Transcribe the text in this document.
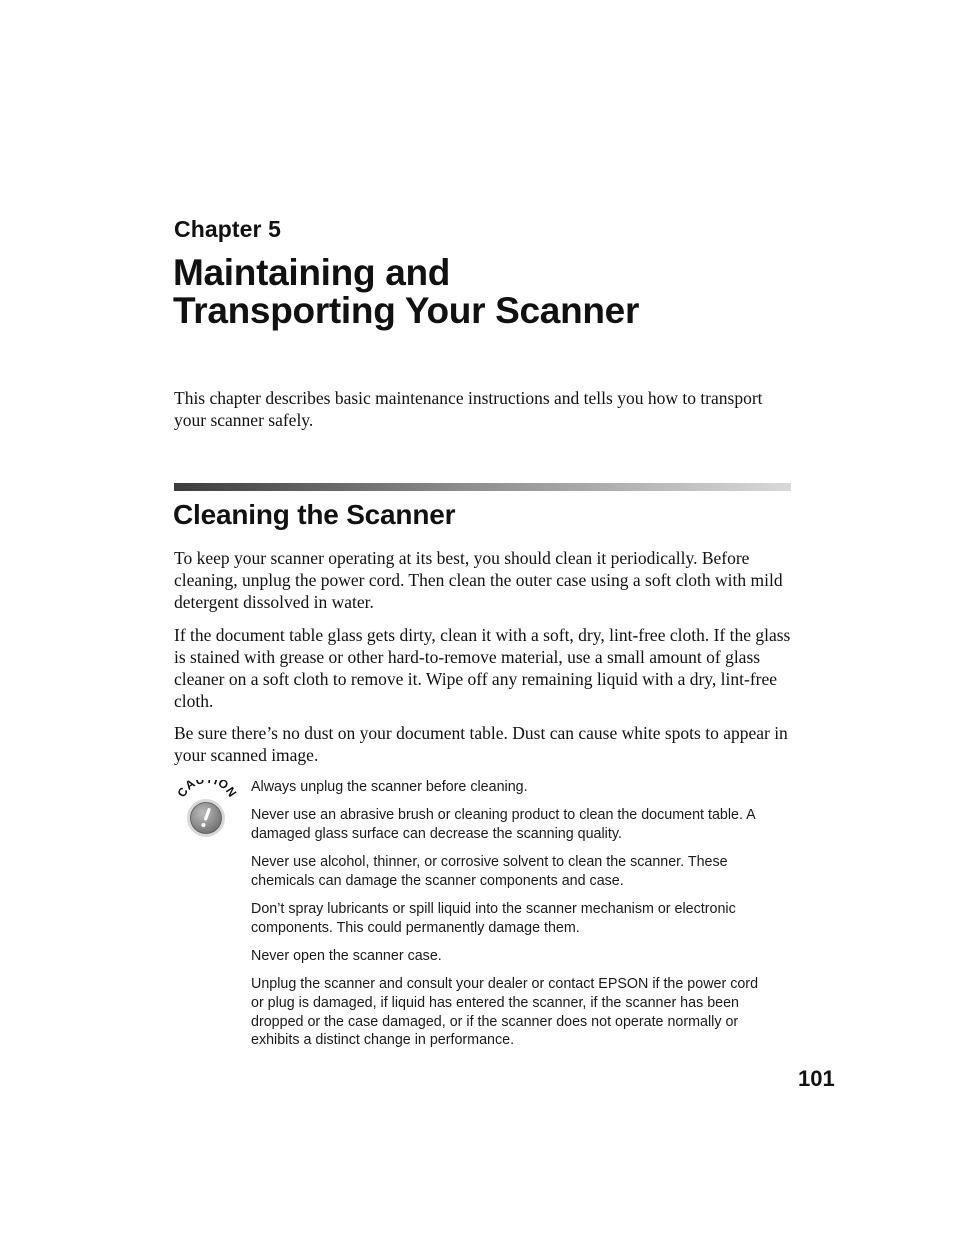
Chapter 5
Maintaining and
Transporting Your Scanner

This chapter describes basic maintenance instructions and tells you how to transport your scanner safely.

Cleaning the Scanner

To keep your scanner operating at its best, you should clean it periodically. Before cleaning, unplug the power cord. Then clean the outer case using a soft cloth with mild detergent dissolved in water.

If the document table glass gets dirty, clean it with a soft, dry, lint-free cloth. If the glass is stained with grease or other hard-to-remove material, use a small amount of glass cleaner on a soft cloth to remove it. Wipe off any remaining liquid with a dry, lint-free cloth.

Be sure there’s no dust on your document table. Dust can cause white spots to appear in your scanned image.

CA ION Always unplug the scanner before cleaning.
Never use an abrasive brush or cleaning product to clean the document table. A damaged glass surface can decrease the scanning quality.
Never use alcohol, thinner, or corrosive solvent to clean the scanner. These chemicals can damage the scanner components and case.
Don’t spray lubricants or spill liquid into the scanner mechanism or electronic components. This could permanently damage them.
Never open the scanner case.
Unplug the scanner and consult your dealer or contact EPSON if the power cord or plug is damaged, if liquid has entered the scanner, if the scanner has been dropped or the case damaged, or if the scanner does not operate normally or exhibits a distinct change in performance.
101
